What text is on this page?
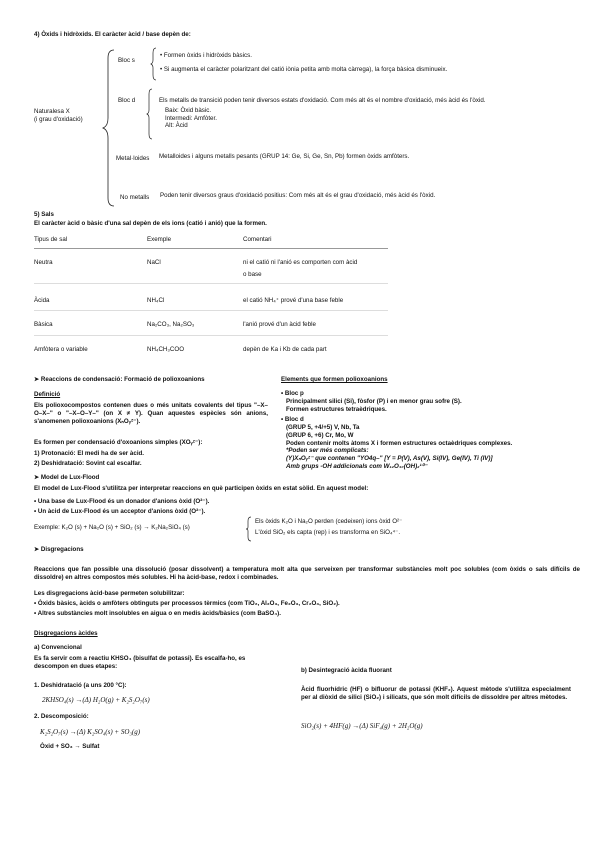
4) Òxids i hidròxids. El caràcter àcid / base depèn de:
Naturalesa X
(i grau d'oxidació)
Bloc s
• Formen òxids i hidròxids bàsics.
• Si augmenta el caràcter polaritzant del catió iònia petita amb molta càrrega), la força bàsica disminueix.
Bloc d	Els metalls de transició poden tenir diversos estats d'oxidació. Com més alt és el nombre d'oxidació, més àcid és l'òxid.
Baix: Òxid bàsic.
Intermedi: Amfòter.
Alt: Àcid
Metal·loides Metalloides i alguns metalls pesants (GRUP 14: Ge, Si, Ge, Sn, Pb) formen òxids amfòters.
No metalls Poden tenir diversos graus d'oxidació positius: Com més alt és el grau d'oxidació, més àcid és l'òxid.
5) Sals
El caràcter àcid o bàsic d'una sal depèn de els ions (catió i anió) que la formen.
Tipus de sal	Exemple	Comentari
Neutra	NaCl	ni el catió ni l'anió es comporten com àcid
o base
Àcida	NH₄Cl	el catió NH₄⁺ prové d'una base feble
Bàsica	Na₂CO₃, Na₂SO₃	l'anió prové d'un àcid feble
Amfòtera o variable	NH₄CH₃COO	depèn de Ka i Kb de cada part
➤ Reaccions de condensació: Formació de polioxoanions
Definició
Els polioxocompostos contenen dues o més unitats covalents del tipus "–X–O–X–" o "–X–O–Y–" (on X ≠ Y). Quan aquestes espècies són anions, s'anomenen polioxoanions (XₙOᵧᶻ⁻).
Es formen per condensació d'oxoanions simples (XOᵧᶻ⁻):
1) Protonació: El medi ha de ser àcid.
2) Deshidratació: Sovint cal escalfar.
Elements que formen polioxoanions
• Bloc p
Principalment silici (Si), fòsfor (P) i en menor grau sofre (S).
Formen estructures tetraèdriques.
• Bloc d
(GRUP 5, +4/+5) V, Nb, Ta
(GRUP 6, +6) Cr, Mo, W
Poden contenir molts àtoms X i formen estructures octaèdriques complexes.
*Poden ser més complicats:
(Y)XₙOᵧᶻ⁻ que contenen "YO4q–" [Y = P(V), As(V), Si(IV), Ge(IV), Ti (IV)]
Amb grups -OH addicionals com W₁₂O₄₀(OH)₂¹⁰⁻
➤ Model de Lux-Flood
El model de Lux-Flood s'utilitza per interpretar reaccions en què participen òxids en estat sòlid. En aquest model:
• Una base de Lux-Flood és un donador d'anions òxid (O²⁻).
• Un àcid de Lux-Flood és un acceptor d'anions òxid (O²⁻).
Exemple: K₂O (s) + Na₂O (s) + SiO₂ (s) → K₂Na₂SiO₄ (s)
Els òxids K₂O i Na₂O perden (cedeixen) ions òxid O²⁻
L'òxid SiO₂ els capta (rep) i es transforma en SiO₄⁴⁻.
➤ Disgregacions
Reaccions que fan possible una dissolució (posar dissolvent) a temperatura molt alta que serveixen per transformar substàncies molt poc solubles (com òxids o sals difícils de dissoldre) en altres compostos més solubles. Hi ha àcid-base, redox i combinades.
Les disgregacions àcid-base permeten solubilitzar:
• Òxids bàsics, àcids o amfòters obtinguts per processos tèrmics (com TiO₂, Al₂O₃, Fe₂O₃, Cr₂O₃, SiO₂).
• Altres substàncies molt insolubles en aigua o en medis àcids/bàsics (com BaSO₄).
Disgregacions àcides
a) Convencional
Es fa servir com a reactiu KHSO₄ (bisulfat de potassi). Es escalfa-ho, es descompon en dues etapes:
1. Deshidratació (a uns 200 °C):
2KHSO₄(s) →(Δ) H₂O(g) + K₂S₂O₇(s)
2. Descomposició:
K₂S₂O₇(s) →(Δ) K₂SO₄(s) + SO₃(g)
Òxid + SO₃ → Sulfat
b) Desintegració àcida fluorant
Àcid fluorhídric (HF) o bifluorur de potassi (KHF₂). Aquest mètode s'utilitza especialment per al diòxid de silici (SiO₂) i silicats, que són molt difícils de dissoldre per altres mètodes.
SiO₂(s) + 4HF(g) →(Δ) SiF₄(g) + 2H₂O(g)
